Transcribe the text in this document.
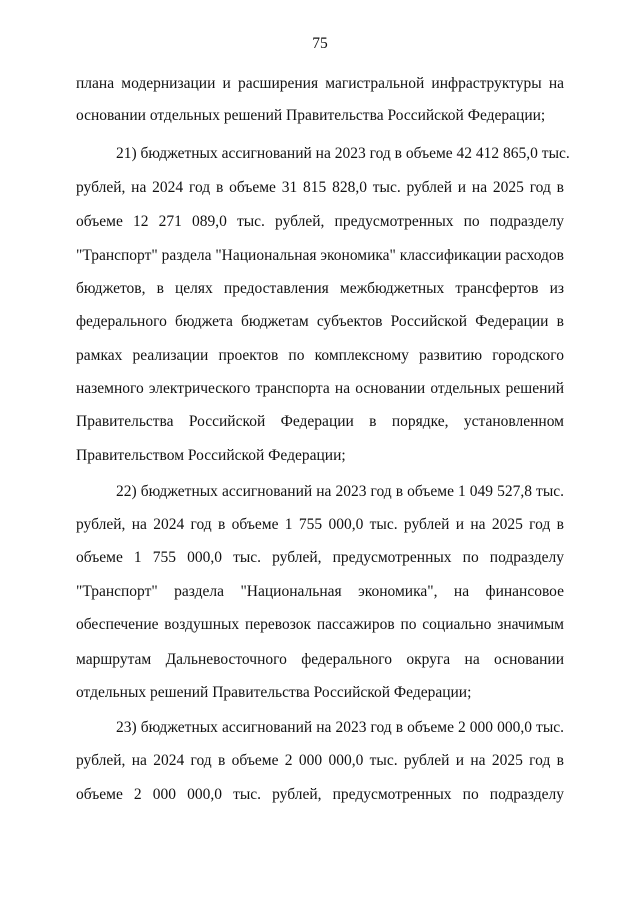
75
плана модернизации и расширения магистральной инфраструктуры на
основании отдельных решений Правительства Российской Федерации;
21) бюджетных ассигнований на 2023 год в объеме 42 412 865,0 тыс.
рублей, на 2024 год в объеме 31 815 828,0 тыс. рублей и на 2025 год в
объеме 12 271 089,0 тыс. рублей, предусмотренных по подразделу
"Транспорт" раздела "Национальная экономика" классификации расходов
бюджетов, в целях предоставления межбюджетных трансфертов из
федерального бюджета бюджетам субъектов Российской Федерации в
рамках реализации проектов по комплексному развитию городского
наземного электрического транспорта на основании отдельных решений
Правительства Российской Федерации в порядке, установленном
Правительством Российской Федерации;
22) бюджетных ассигнований на 2023 год в объеме 1 049 527,8 тыс.
рублей, на 2024 год в объеме 1 755 000,0 тыс. рублей и на 2025 год в
объеме 1 755 000,0 тыс. рублей, предусмотренных по подразделу
"Транспорт" раздела "Национальная экономика", на финансовое
обеспечение воздушных перевозок пассажиров по социально значимым
маршрутам Дальневосточного федерального округа на основании
отдельных решений Правительства Российской Федерации;
23) бюджетных ассигнований на 2023 год в объеме 2 000 000,0 тыс.
рублей, на 2024 год в объеме 2 000 000,0 тыс. рублей и на 2025 год в
объеме 2 000 000,0 тыс. рублей, предусмотренных по подразделу
